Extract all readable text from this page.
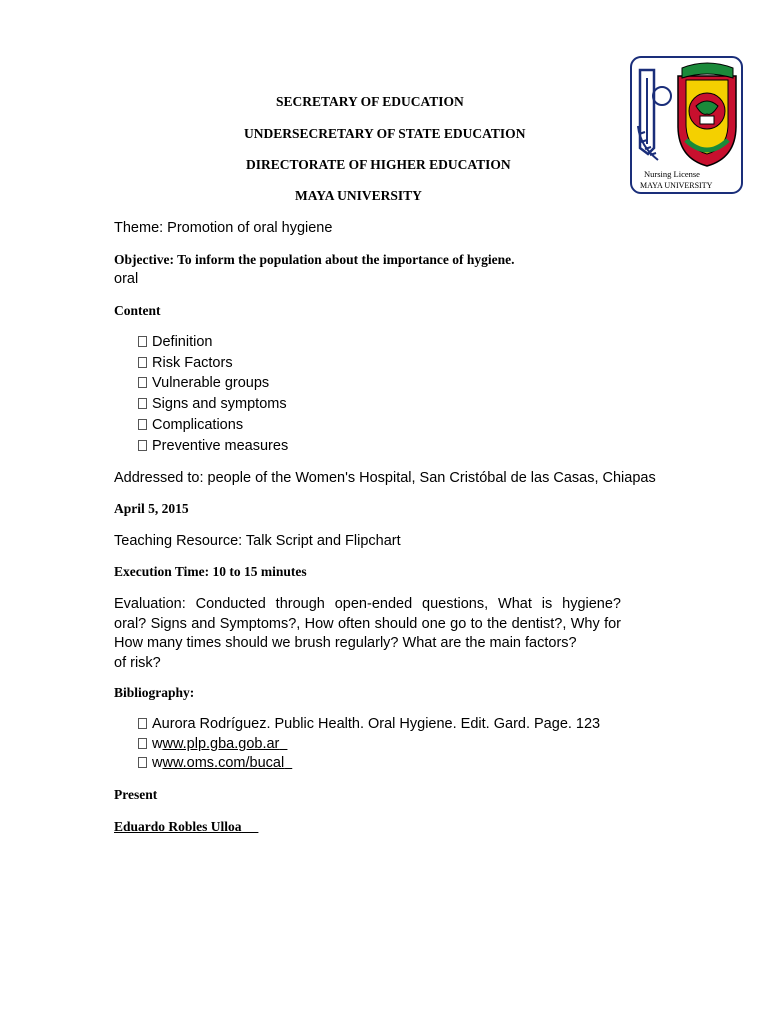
SECRETARY OF EDUCATION
UNDERSECRETARY OF STATE EDUCATION
DIRECTORATE OF HIGHER EDUCATION
MAYA UNIVERSITY
Nursing License
MAYA UNIVERSITY
Theme: Promotion of oral hygiene
Objective: To inform the population about the importance of hygiene.
oral
Content
Definition
Risk Factors
Vulnerable groups
Signs and symptoms
Complications
Preventive measures
Addressed to: people of the Women's Hospital, San Cristóbal de las Casas, Chiapas
April 5, 2015
Teaching Resource: Talk Script and Flipchart
Execution Time: 10 to 15 minutes
Evaluation: Conducted through open-ended questions, What is hygiene?
oral? Signs and Symptoms?, How often should one go to the dentist?, Why for
How many times should we brush regularly? What are the main factors?
of risk?
Bibliography:
Aurora Rodríguez. Public Health. Oral Hygiene. Edit. Gard. Page. 123
www.plp.gba.gob.ar
www.oms.com/bucal
Present
Eduardo Robles Ulloa
